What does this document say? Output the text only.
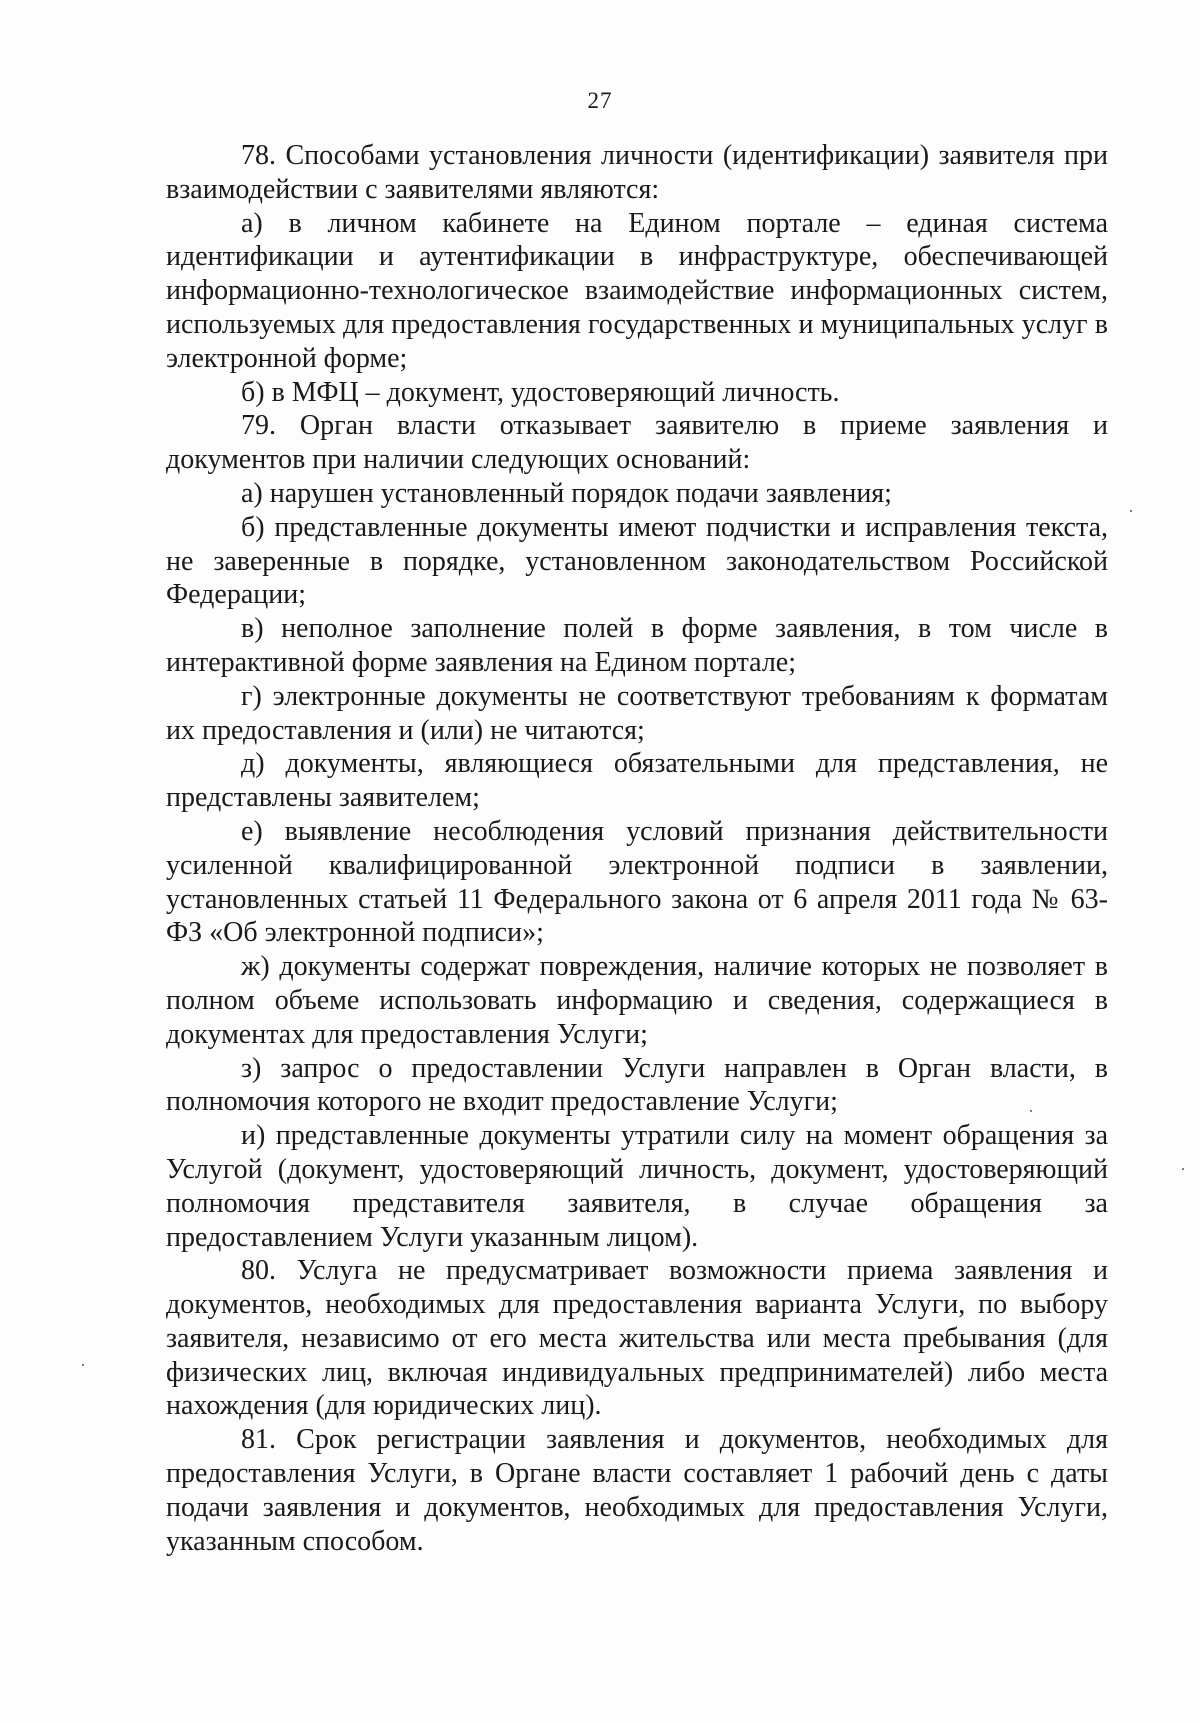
27

78. Способами установления личности (идентификации) заявителя при взаимодействии с заявителями являются:

а) в личном кабинете на Едином портале – единая система идентификации и аутентификации в инфраструктуре, обеспечивающей информационно-технологическое взаимодействие информационных систем, используемых для предоставления государственных и муниципальных услуг в электронной форме;

б) в МФЦ – документ, удостоверяющий личность.

79. Орган власти отказывает заявителю в приеме заявления и документов при наличии следующих оснований:

а) нарушен установленный порядок подачи заявления;

б) представленные документы имеют подчистки и исправления текста, не заверенные в порядке, установленном законодательством Российской Федерации;

в) неполное заполнение полей в форме заявления, в том числе в интерактивной форме заявления на Едином портале;

г) электронные документы не соответствуют требованиям к форматам их предоставления и (или) не читаются;

д) документы, являющиеся обязательными для представления, не представлены заявителем;

е) выявление несоблюдения условий признания действительности усиленной квалифицированной электронной подписи в заявлении, установленных статьей 11 Федерального закона от 6 апреля 2011 года № 63-ФЗ «Об электронной подписи»;

ж) документы содержат повреждения, наличие которых не позволяет в полном объеме использовать информацию и сведения, содержащиеся в документах для предоставления Услуги;

з) запрос о предоставлении Услуги направлен в Орган власти, в полномочия которого не входит предоставление Услуги;

и) представленные документы утратили силу на момент обращения за Услугой (документ, удостоверяющий личность, документ, удостоверяющий полномочия представителя заявителя, в случае обращения за предоставлением Услуги указанным лицом).

80. Услуга не предусматривает возможности приема заявления и документов, необходимых для предоставления варианта Услуги, по выбору заявителя, независимо от его места жительства или места пребывания (для физических лиц, включая индивидуальных предпринимателей) либо места нахождения (для юридических лиц).

81. Срок регистрации заявления и документов, необходимых для предоставления Услуги, в Органе власти составляет 1 рабочий день с даты подачи заявления и документов, необходимых для предоставления Услуги, указанным способом.
